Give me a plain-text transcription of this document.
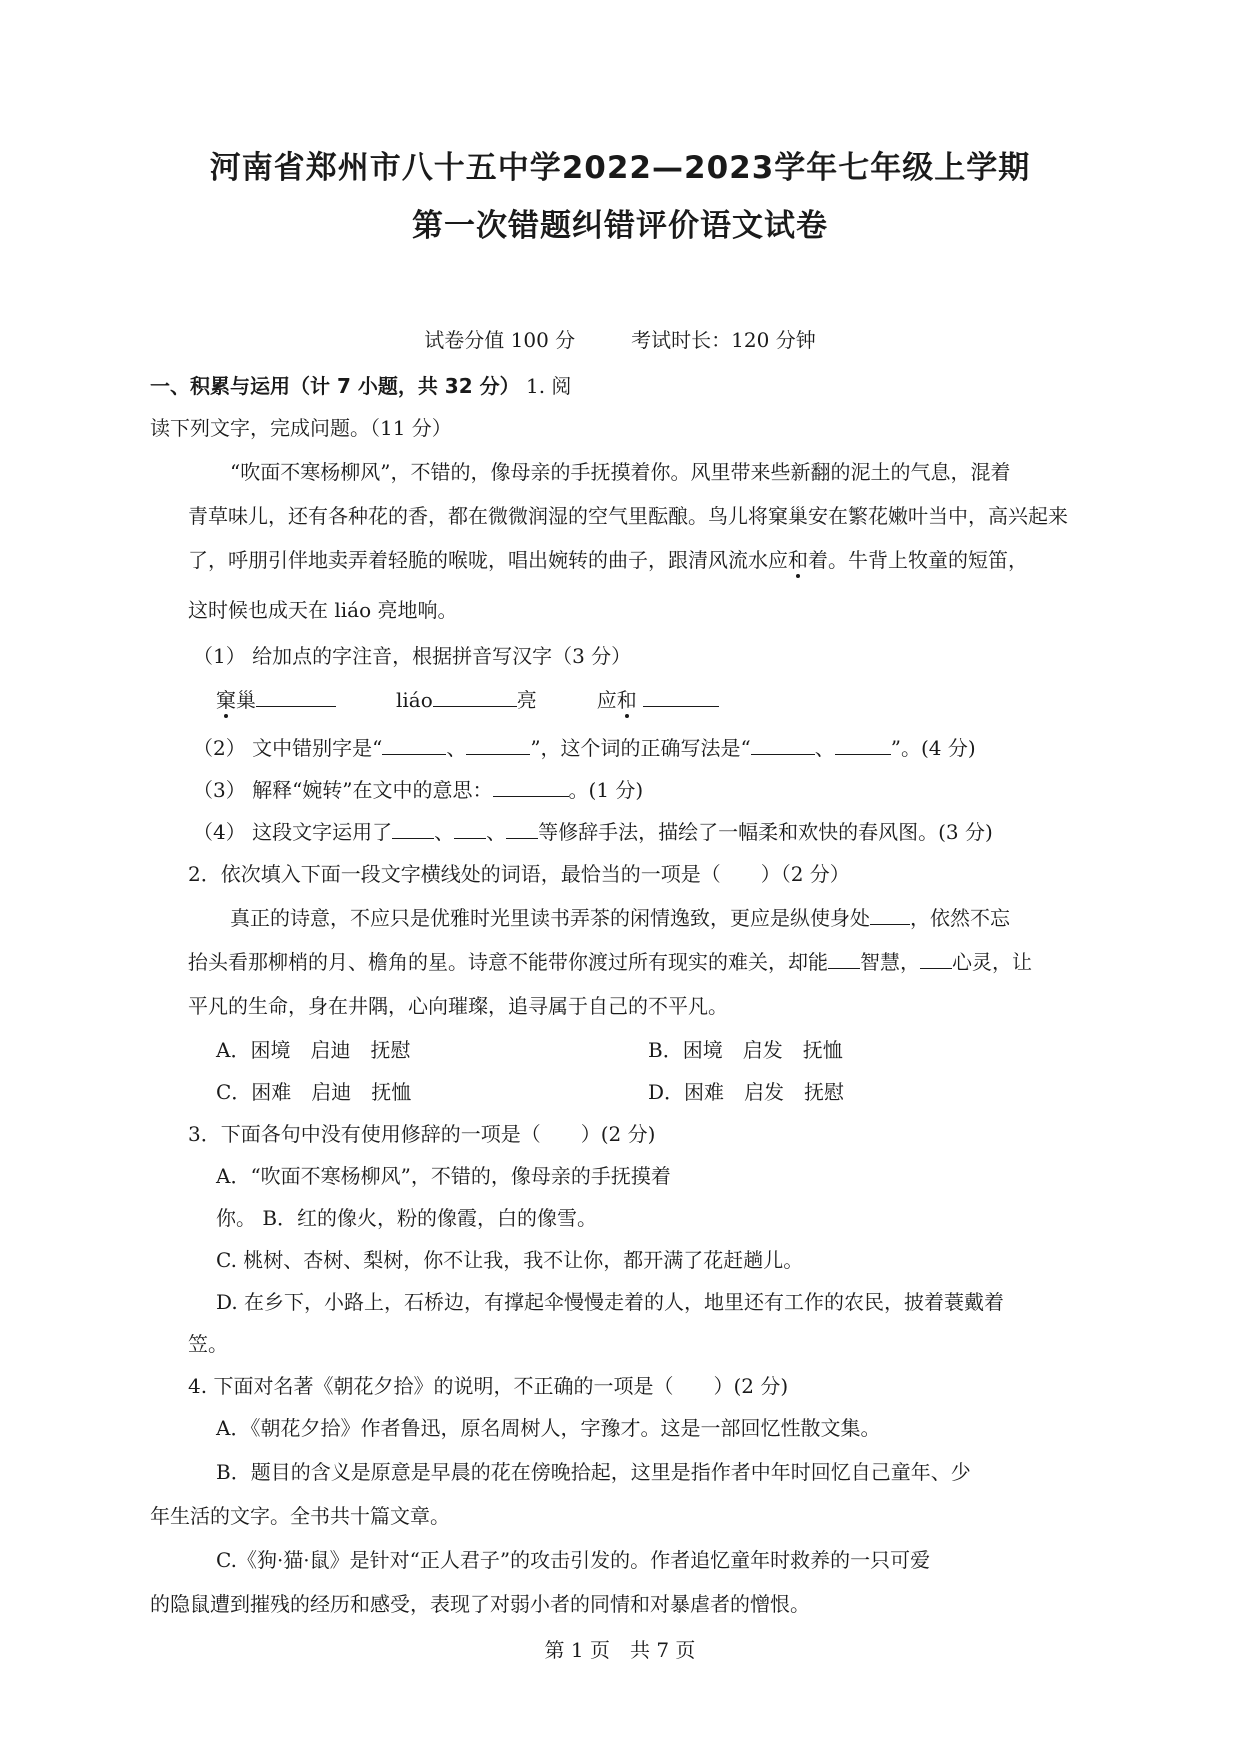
河南省郑州市八十五中学2022—2023学年七年级上学期
第一次错题纠错评价语文试卷
试卷分值 100 分	考试时长：120 分钟
一、积累与运用（计 7 小题，共 32 分） 1. 阅
读下列文字，完成问题。（11 分）
“吹面不寒杨柳风”，不错的，像母亲的手抚摸着你。风里带来些新翻的泥土的气息，混着
青草味儿，还有各种花的香，都在微微润湿的空气里酝酿。鸟儿将窠巢安在繁花嫩叶当中，高兴起来
了，呼朋引伴地卖弄着轻脆的喉咙，唱出婉转的曲子，跟清风流水应和着。牛背上牧童的短笛，
这时候也成天在 liáo 亮地响。
（1） 给加点的字注音，根据拼音写汉字（3 分）
窠巢	liáo	亮	应和
（2） 文中错别字是“	、	”，这个词的正确写法是“	、	”。(4 分)
（3） 解释“婉转”在文中的意思：	。(1 分)
（4） 这段文字运用了 、 、 等修辞手法，描绘了一幅柔和欢快的春风图。(3 分)
2．依次填入下面一段文字横线处的词语，最恰当的一项是（　　）（2 分）
真正的诗意，不应只是优雅时光里读书弄茶的闲情逸致，更应是纵使身处 ，依然不忘
抬头看那柳梢的月、檐角的星。诗意不能带你渡过所有现实的难关，却能 智慧， 心灵，让
平凡的生命，身在井隅，心向璀璨，追寻属于自己的不平凡。
A．困境　启迪　抚慰	B．困境　启发　抚恤
C．困难　启迪　抚恤	D．困难　启发　抚慰
3．下面各句中没有使用修辞的一项是（　　）(2 分)
A．“吹面不寒杨柳风”，不错的，像母亲的手抚摸着
你。 B．红的像火，粉的像霞，白的像雪。
C. 桃树、杏树、梨树，你不让我，我不让你，都开满了花赶趟儿。
D. 在乡下，小路上，石桥边，有撑起伞慢慢走着的人，地里还有工作的农民，披着蓑戴着
笠。
4. 下面对名著《朝花夕拾》的说明，不正确的一项是（　　）(2 分)
A．《朝花夕拾》作者鲁迅，原名周树人，字豫才。这是一部回忆性散文集。
B．题目的含义是原意是早晨的花在傍晚拾起，这里是指作者中年时回忆自己童年、少
年生活的文字。全书共十篇文章。
C.《狗·猫·鼠》是针对“正人君子”的攻击引发的。作者追忆童年时救养的一只可爱
的隐鼠遭到摧残的经历和感受，表现了对弱小者的同情和对暴虐者的憎恨。
第 1 页　共 7 页
